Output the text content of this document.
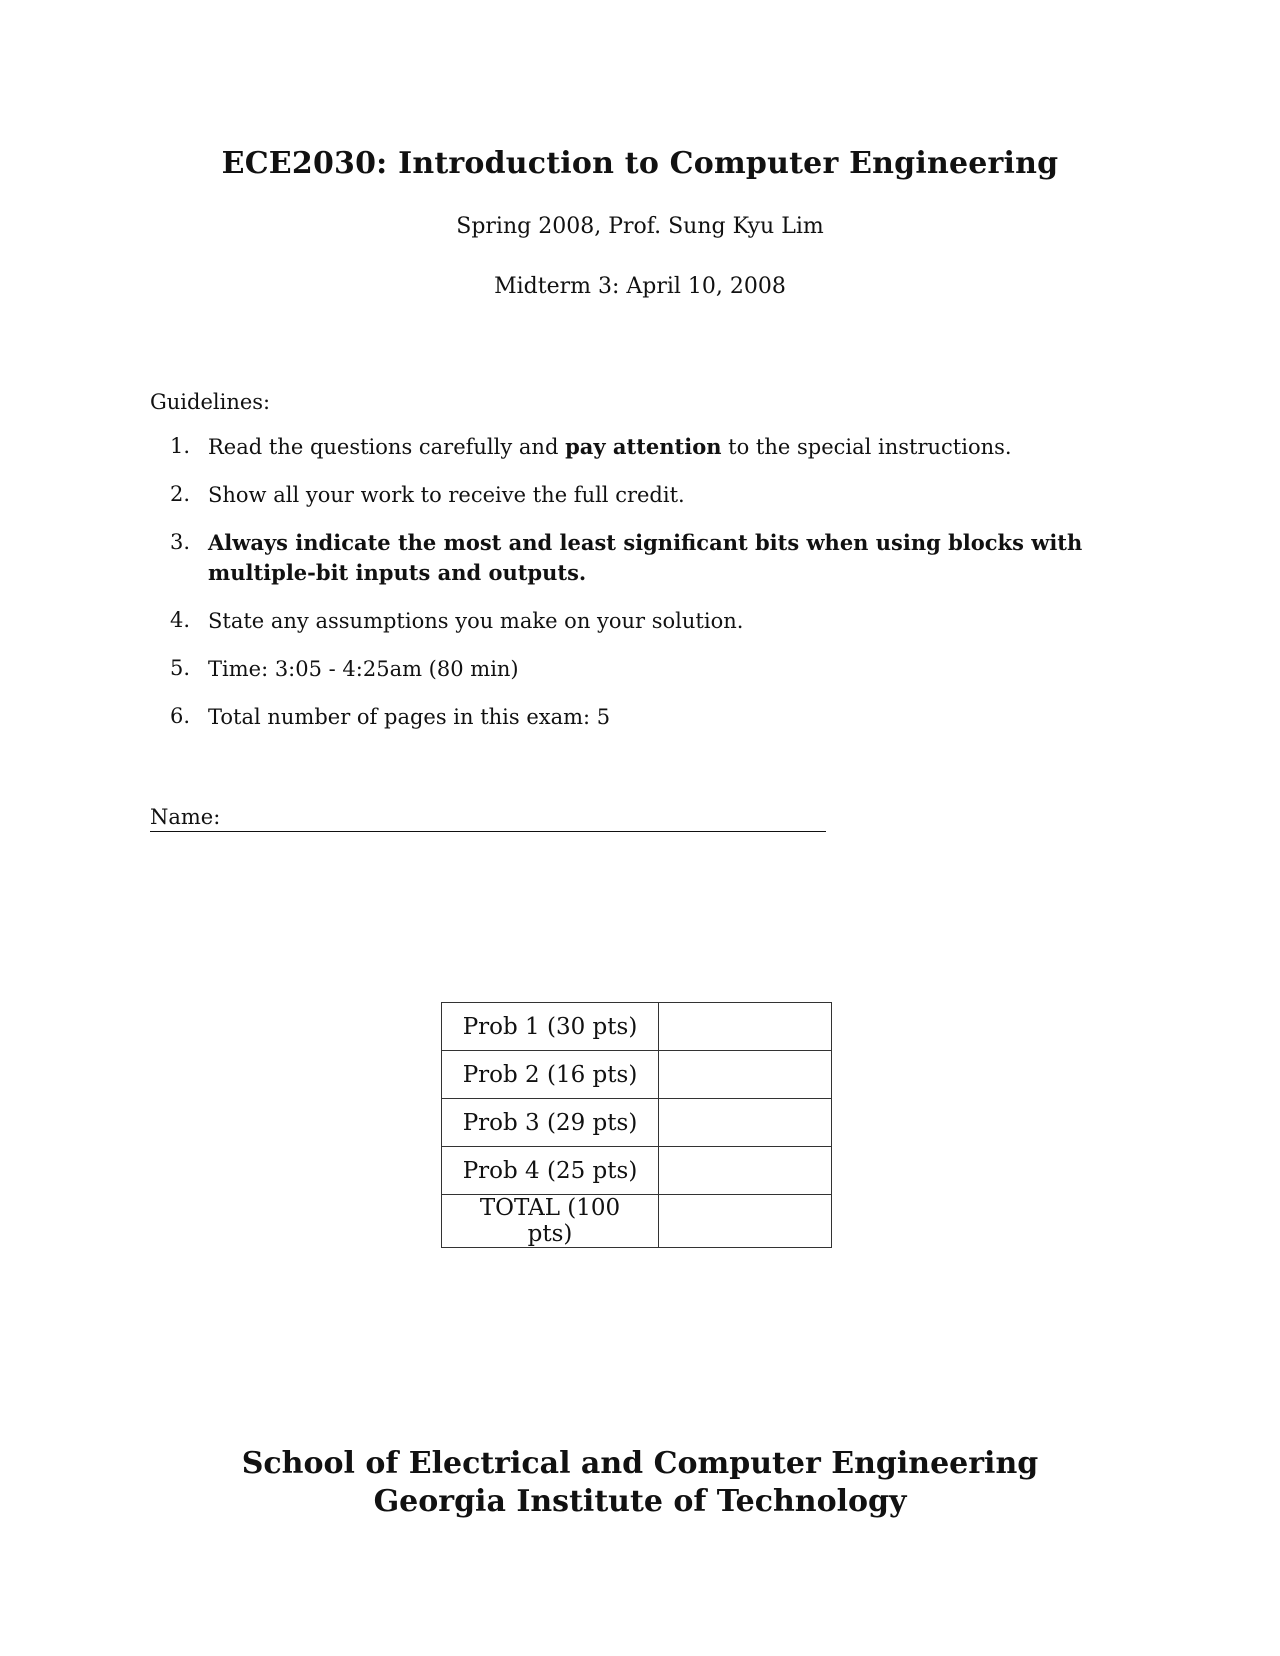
ECE2030: Introduction to Computer Engineering
Spring 2008, Prof. Sung Kyu Lim
Midterm 3: April 10, 2008
Guidelines:
1. Read the questions carefully and pay attention to the special instructions.
2. Show all your work to receive the full credit.
3. Always indicate the most and least significant bits when using blocks with multiple-bit inputs and outputs.
4. State any assumptions you make on your solution.
5. Time: 3:05 - 4:25am (80 min)
6. Total number of pages in this exam: 5
Name:
Prob 1 (30 pts)	
Prob 2 (16 pts)	
Prob 3 (29 pts)	
Prob 4 (25 pts)	
TOTAL (100 pts)	
School of Electrical and Computer Engineering
Georgia Institute of Technology
